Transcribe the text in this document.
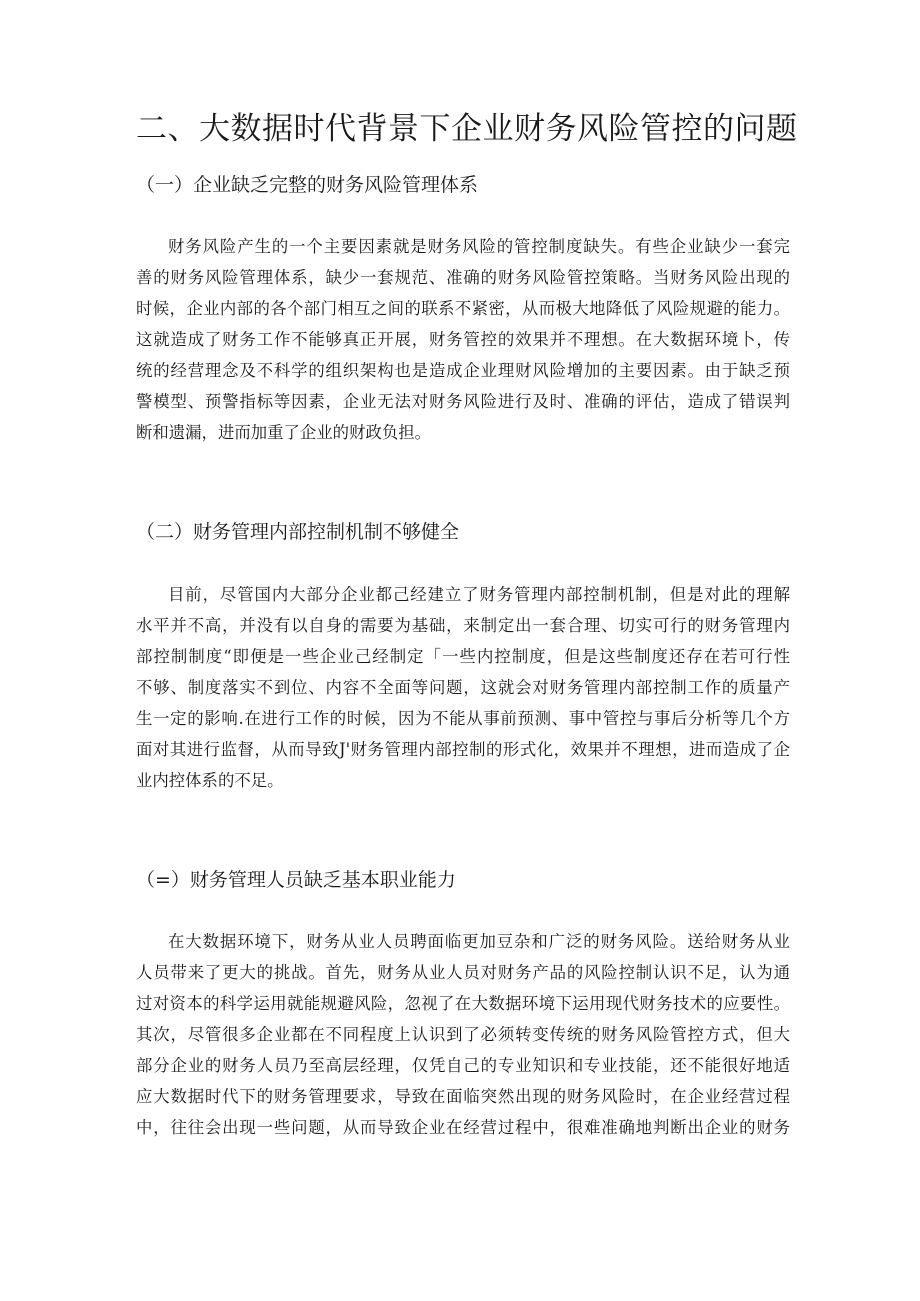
二、大数据时代背景下企业财务风险管控的问题
（一）企业缺乏完整的财务风险管理体系
财务风险产生的一个主要因素就是财务风险的管控制度缺失。有些企业缺少一套完
善的财务风险管理体系，缺少一套规范、准确的财务风险管控策略。当财务风险出现的
时候，企业内部的各个部门相互之间的联系不紧密，从而极大地降低了风险规避的能力。
这就造成了财务工作不能够真正开展，财务管控的效果并不理想。在大数据环境卜，传
统的经营理念及不科学的组织架构也是造成企业理财风险增加的主要因素。由于缺乏预
警模型、预警指标等因素，企业无法对财务风险进行及时、准确的评估，造成了错误判
断和遗漏，进而加重了企业的财政负担。
（二）财务管理内部控制机制不够健全
目前，尽管国内大部分企业都己经建立了财务管理内部控制机制，但是对此的理解
水平并不高，并没有以自身的需要为基础，来制定出一套合理、切实可行的财务管理内
部控制制度“即便是一些企业己经制定「一些内控制度，但是这些制度还存在若可行性
不够、制度落实不到位、内容不全面等问题，这就会对财务管理内部控制工作的质量产
生一定的影响.在进行工作的时候，因为不能从事前预测、事中管控与事后分析等几个方
面对其进行监督，从而导致J'财务管理内部控制的形式化，效果并不理想，进而造成了企
业内控体系的不足。
（=）财务管理人员缺乏基本职业能力
在大数据环境下，财务从业人员聘面临更加豆杂和广泛的财务风险。送给财务从业
人员带来了更大的挑战。首先，财务从业人员对财务产品的风险控制认识不足，认为通
过对资本的科学运用就能规避风险，忽视了在大数据环境下运用现代财务技术的应要性。
其次，尽管很多企业都在不同程度上认识到了必须转变传统的财务风险管控方式，但大
部分企业的财务人员乃至高层经理，仅凭自己的专业知识和专业技能，还不能很好地适
应大数据时代下的财务管理要求，导致在面临突然出现的财务风险时，在企业经营过程
中，往往会出现一些问题，从而导致企业在经营过程中，很难准确地判断出企业的财务
